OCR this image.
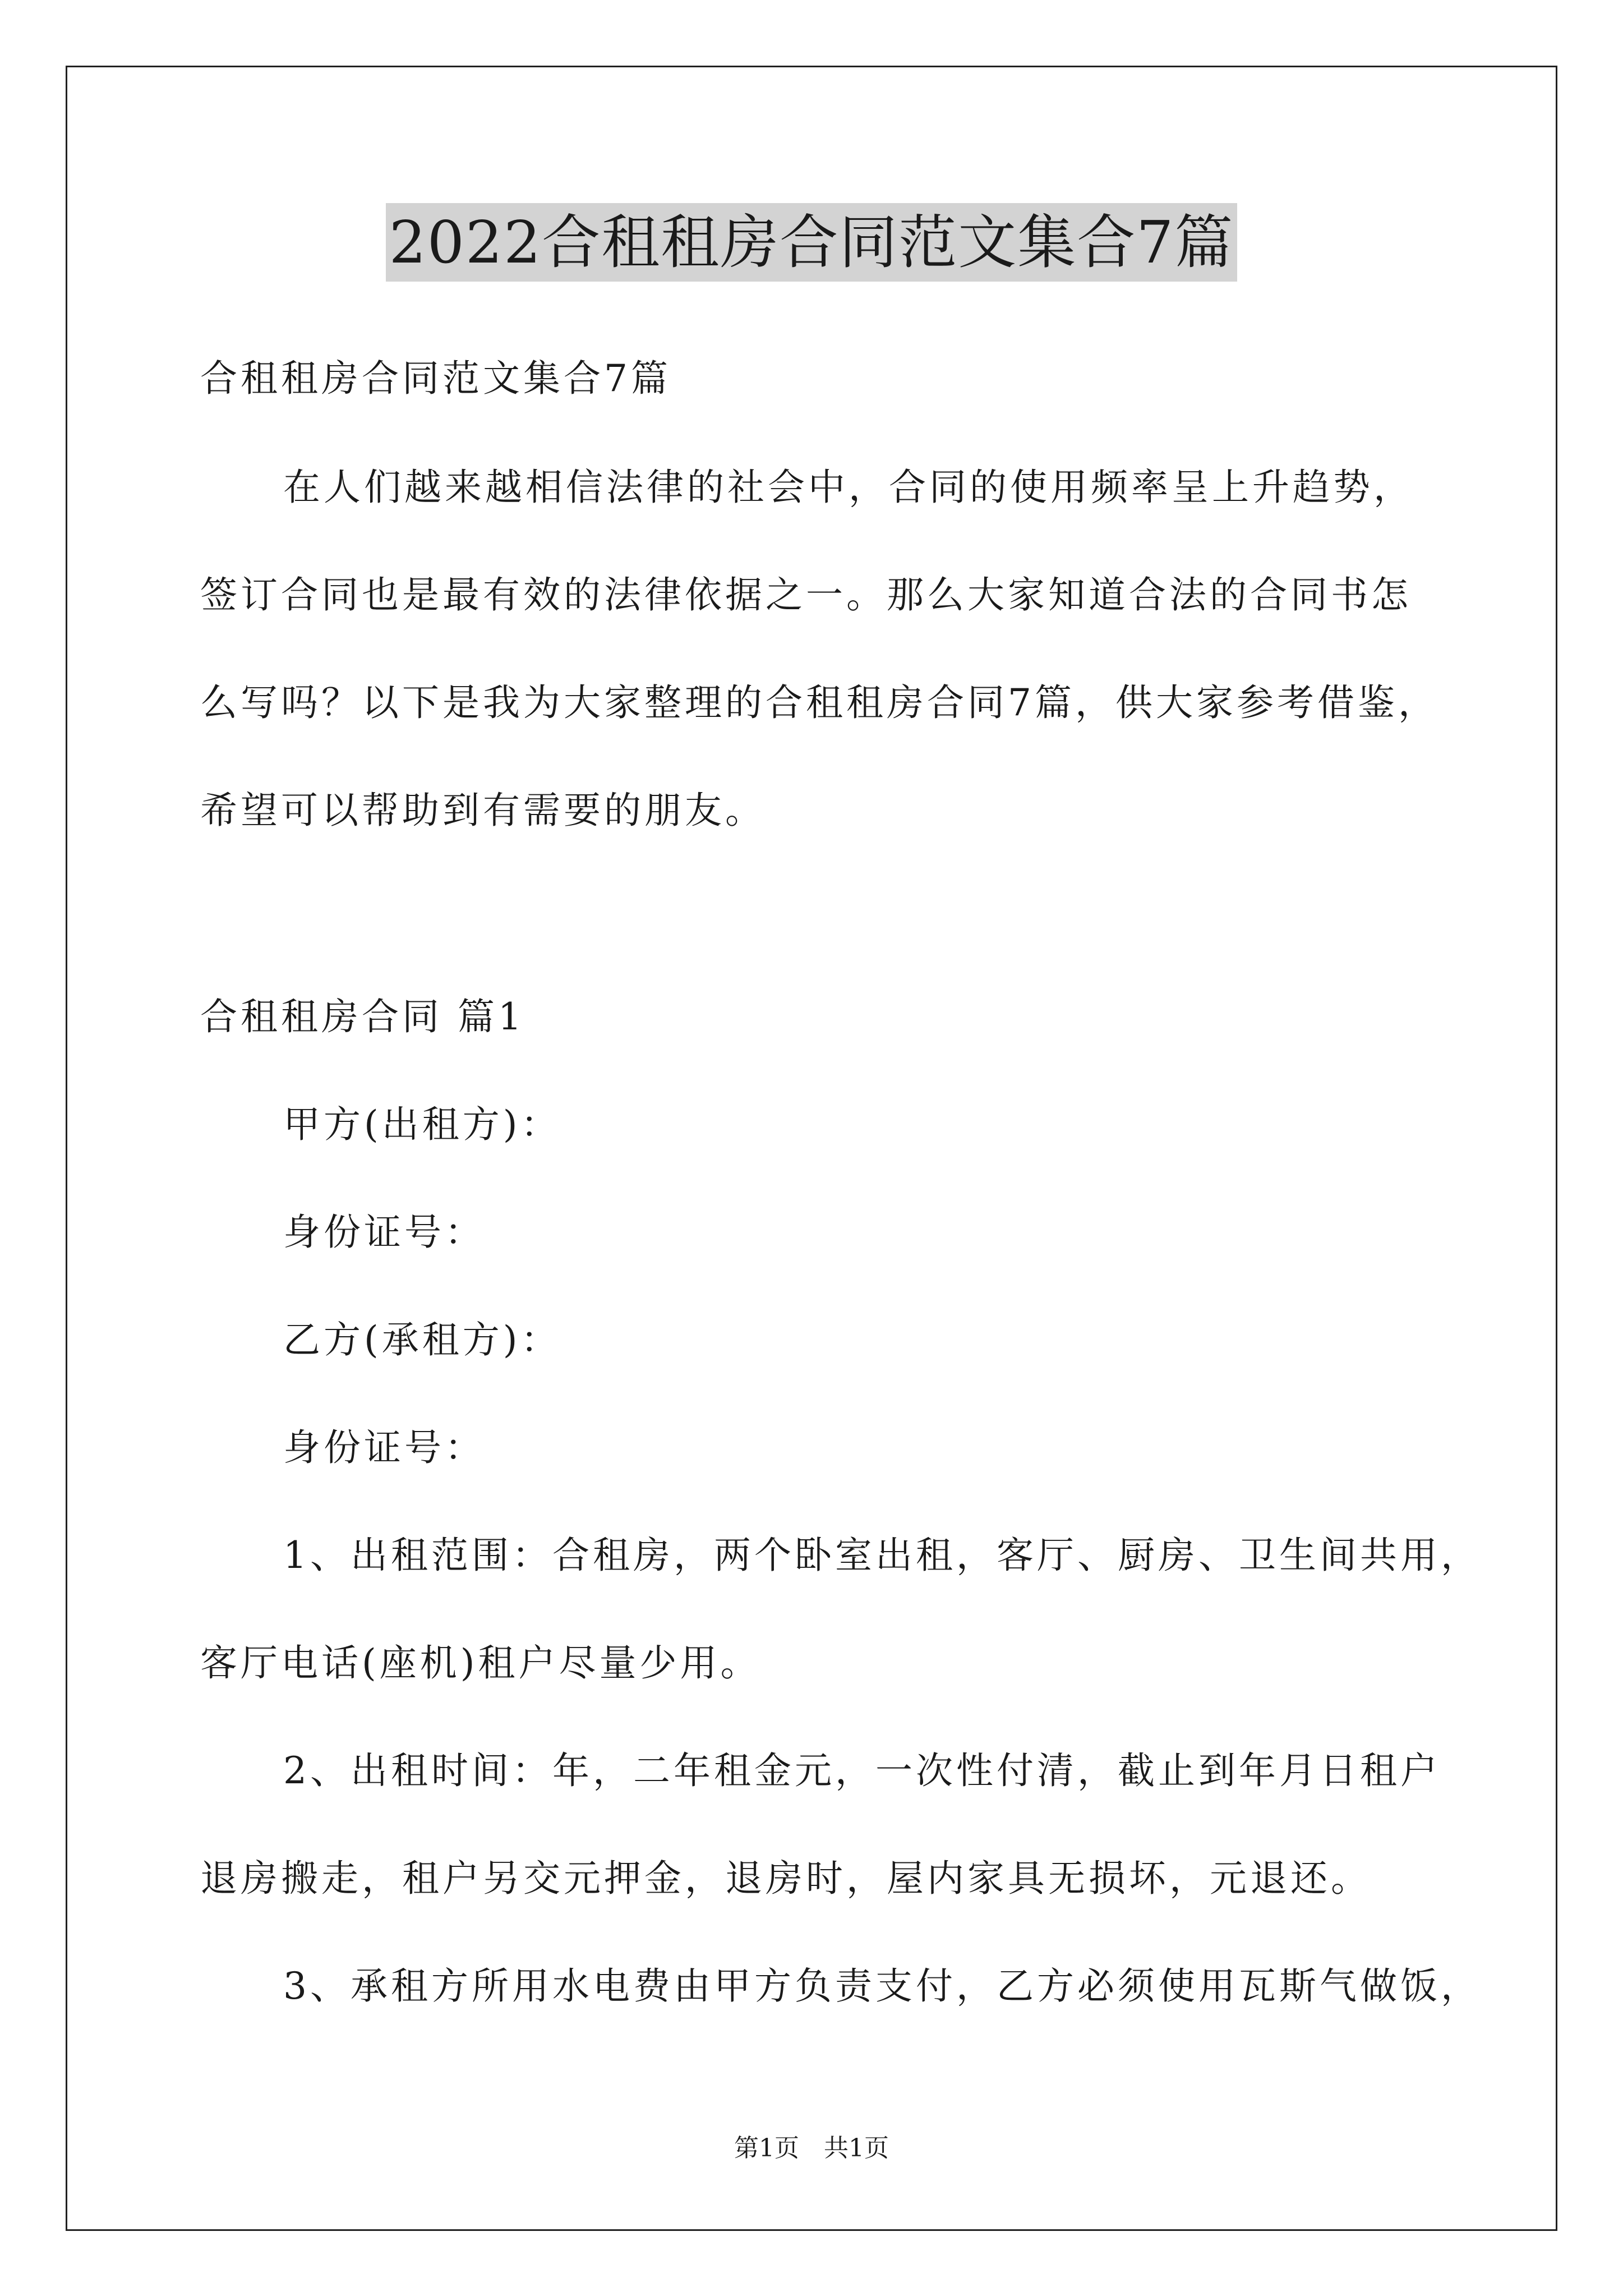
2022合租租房合同范文集合7篇
合租租房合同范文集合7篇
在人们越来越相信法律的社会中，合同的使用频率呈上升趋势，
签订合同也是最有效的法律依据之一。那么大家知道合法的合同书怎
么写吗？以下是我为大家整理的合租租房合同7篇，供大家参考借鉴，
希望可以帮助到有需要的朋友。
合租租房合同 篇1
甲方(出租方)：
身份证号：
乙方(承租方)：
身份证号：
1、出租范围：合租房，两个卧室出租，客厅、厨房、卫生间共用，
客厅电话(座机)租户尽量少用。
2、出租时间：年，二年租金元，一次性付清，截止到年月日租户
退房搬走，租户另交元押金，退房时，屋内家具无损坏，元退还。
3、承租方所用水电费由甲方负责支付，乙方必须使用瓦斯气做饭，
第1页　共1页
